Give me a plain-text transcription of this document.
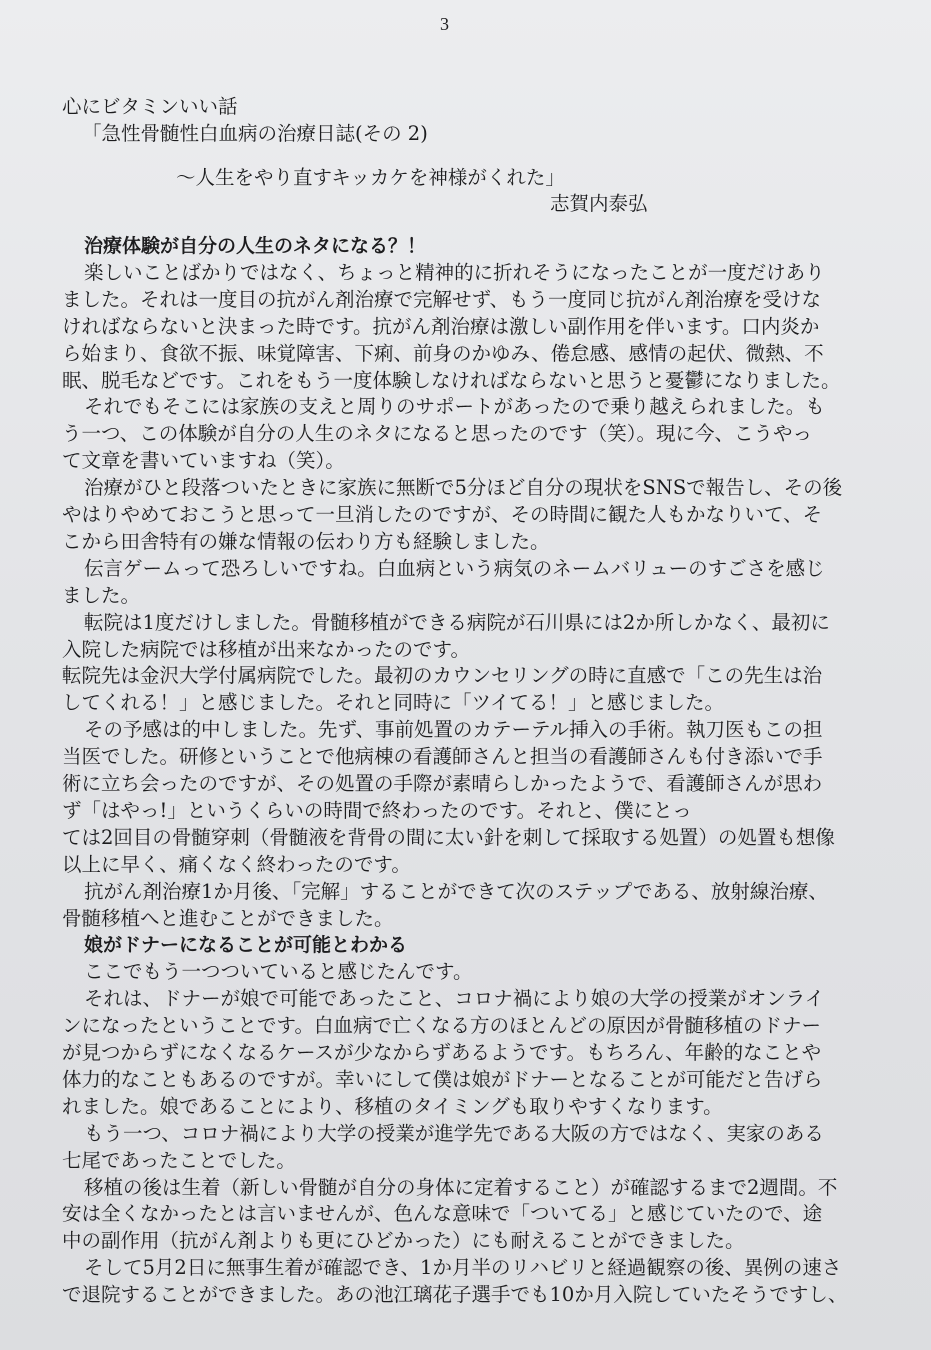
3
心にビタミンいい話
「急性骨髄性白血病の治療日誌(その 2)
～人生をやり直すキッカケを神様がくれた」
志賀内泰弘
治療体験が自分の人生のネタになる？！
楽しいことばかりではなく、ちょっと精神的に折れそうになったことが一度だけあり
ました。それは一度目の抗がん剤治療で完解せず、もう一度同じ抗がん剤治療を受けな
ければならないと決まった時です。抗がん剤治療は激しい副作用を伴います。口内炎か
ら始まり、食欲不振、味覚障害、下痢、前身のかゆみ、倦怠感、感情の起伏、微熱、不
眠、脱毛などです。これをもう一度体験しなければならないと思うと憂鬱になりました。
それでもそこには家族の支えと周りのサポートがあったので乗り越えられました。も
う一つ、この体験が自分の人生のネタになると思ったのです（笑）。現に今、こうやっ
て文章を書いていますね（笑）。
治療がひと段落ついたときに家族に無断で5分ほど自分の現状をSNSで報告し、その後
やはりやめておこうと思って一旦消したのですが、その時間に観た人もかなりいて、そ
こから田舎特有の嫌な情報の伝わり方も経験しました。
伝言ゲームって恐ろしいですね。白血病という病気のネームバリューのすごさを感じ
ました。
転院は1度だけしました。骨髄移植ができる病院が石川県には2か所しかなく、最初に
入院した病院では移植が出来なかったのです。
転院先は金沢大学付属病院でした。最初のカウンセリングの時に直感で「この先生は治
してくれる！」と感じました。それと同時に「ツイてる！」と感じました。
その予感は的中しました。先ず、事前処置のカテーテル挿入の手術。執刀医もこの担
当医でした。研修ということで他病棟の看護師さんと担当の看護師さんも付き添いで手
術に立ち会ったのですが、その処置の手際が素晴らしかったようで、看護師さんが思わ
ず「はやっ!」というくらいの時間で終わったのです。それと、僕にとっ
ては2回目の骨髄穿刺（骨髄液を背骨の間に太い針を刺して採取する処置）の処置も想像
以上に早く、痛くなく終わったのです。
抗がん剤治療1か月後、「完解」することができて次のステップである、放射線治療、
骨髄移植へと進むことができました。
娘がドナーになることが可能とわかる
ここでもう一つついていると感じたんです。
それは、ドナーが娘で可能であったこと、コロナ禍により娘の大学の授業がオンライ
ンになったということです。白血病で亡くなる方のほとんどの原因が骨髄移植のドナー
が見つからずになくなるケースが少なからずあるようです。もちろん、年齢的なことや
体力的なこともあるのですが。幸いにして僕は娘がドナーとなることが可能だと告げら
れました。娘であることにより、移植のタイミングも取りやすくなります。
もう一つ、コロナ禍により大学の授業が進学先である大阪の方ではなく、実家のある
七尾であったことでした。
移植の後は生着（新しい骨髄が自分の身体に定着すること）が確認するまで2週間。不
安は全くなかったとは言いませんが、色んな意味で「ついてる」と感じていたので、途
中の副作用（抗がん剤よりも更にひどかった）にも耐えることができました。
そして5月2日に無事生着が確認でき、1か月半のリハビリと経過観察の後、異例の速さ
で退院することができました。あの池江璃花子選手でも10か月入院していたそうですし、
